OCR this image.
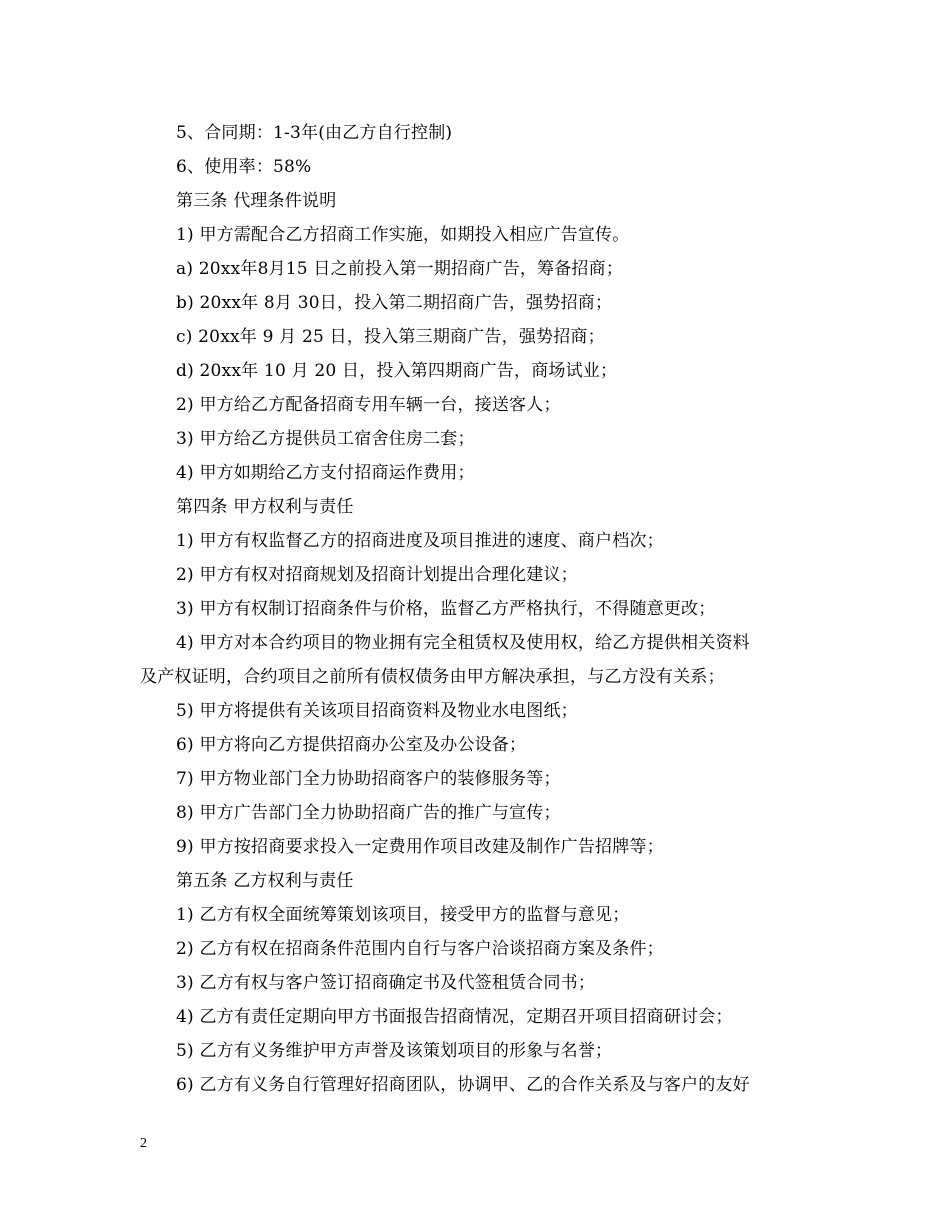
5、合同期：1-3年(由乙方自行控制)
6、使用率：58%
第三条 代理条件说明
1) 甲方需配合乙方招商工作实施，如期投入相应广告宣传。
a) 20xx年8月15 日之前投入第一期招商广告，筹备招商；
b) 20xx年 8月 30日，投入第二期招商广告，强势招商；
c) 20xx年 9 月 25 日，投入第三期商广告，强势招商；
d) 20xx年 10 月 20 日，投入第四期商广告，商场试业；
2) 甲方给乙方配备招商专用车辆一台，接送客人；
3) 甲方给乙方提供员工宿舍住房二套；
4) 甲方如期给乙方支付招商运作费用；
第四条 甲方权利与责任
1) 甲方有权监督乙方的招商进度及项目推进的速度、商户档次；
2) 甲方有权对招商规划及招商计划提出合理化建议；
3) 甲方有权制订招商条件与价格，监督乙方严格执行，不得随意更改；
4) 甲方对本合约项目的物业拥有完全租赁权及使用权，给乙方提供相关资料
及产权证明，合约项目之前所有债权债务由甲方解决承担，与乙方没有关系；
5) 甲方将提供有关该项目招商资料及物业水电图纸；
6) 甲方将向乙方提供招商办公室及办公设备；
7) 甲方物业部门全力协助招商客户的装修服务等；
8) 甲方广告部门全力协助招商广告的推广与宣传；
9) 甲方按招商要求投入一定费用作项目改建及制作广告招牌等；
第五条 乙方权利与责任
1) 乙方有权全面统筹策划该项目，接受甲方的监督与意见；
2) 乙方有权在招商条件范围内自行与客户洽谈招商方案及条件；
3) 乙方有权与客户签订招商确定书及代签租赁合同书；
4) 乙方有责任定期向甲方书面报告招商情况，定期召开项目招商研讨会；
5) 乙方有义务维护甲方声誉及该策划项目的形象与名誉；
6) 乙方有义务自行管理好招商团队，协调甲、乙的合作关系及与客户的友好
2
